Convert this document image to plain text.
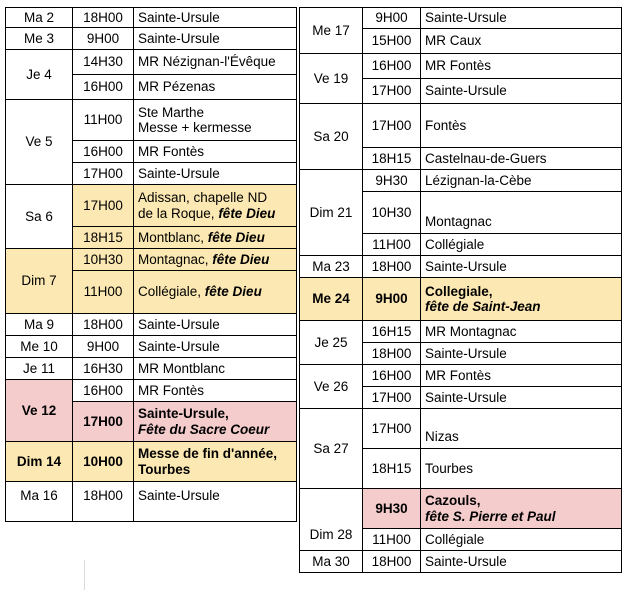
Ma 2	18H00	Sainte-Ursule
Me 3	9H00	Sainte-Ursule
Je 4	14H30	MR Nézignan-l'Évêque
	16H00	MR Pézenas
Ve 5	11H00	Ste Marthe
Messe + kermesse

	16H00	MR Fontès
	17H00	Sainte-Ursule
Sa 6	17H00	Adissan, chapelle ND
de la Roque, fête Dieu

	18H15	Montblanc, fête Dieu
Dim 7	10H30	Montagnac, fête Dieu
	11H00	Collégiale, fête Dieu
Ma 9	18H00	Sainte-Ursule
Me 10	9H00	Sainte-Ursule
Je 11	16H30	MR Montblanc
Ve 12	16H00	MR Fontès
	17H00	Sainte-Ursule,
Fête du Sacre Coeur

Dim 14	10H00	Messe de fin d'année,
Tourbes

Ma 16	18H00	Sainte-Ursule
Me 17	9H00	Sainte-Ursule
	15H00	MR Caux
Ve 19	16H00	MR Fontès
	17H00	Sainte-Ursule
Sa 20	17H00	Fontès
	18H15	Castelnau-de-Guers
Dim 21	9H30	Lézignan-la-Cèbe
	10H30	Montagnac
	11H00	Collégiale
Ma 23	18H00	Sainte-Ursule
Me 24	9H00	Collegiale,
fête de Saint-Jean

Je 25	16H15	MR Montagnac
	18H00	Sainte-Ursule
Ve 26	16H00	MR Fontès
	17H00	Sainte-Ursule
Sa 27	17H00	Nizas
	18H15	Tourbes
Dim 28	9H30	Cazouls,
fête S. Pierre et Paul

	11H00	Collégiale
Ma 30	18H00	Sainte-Ursule
